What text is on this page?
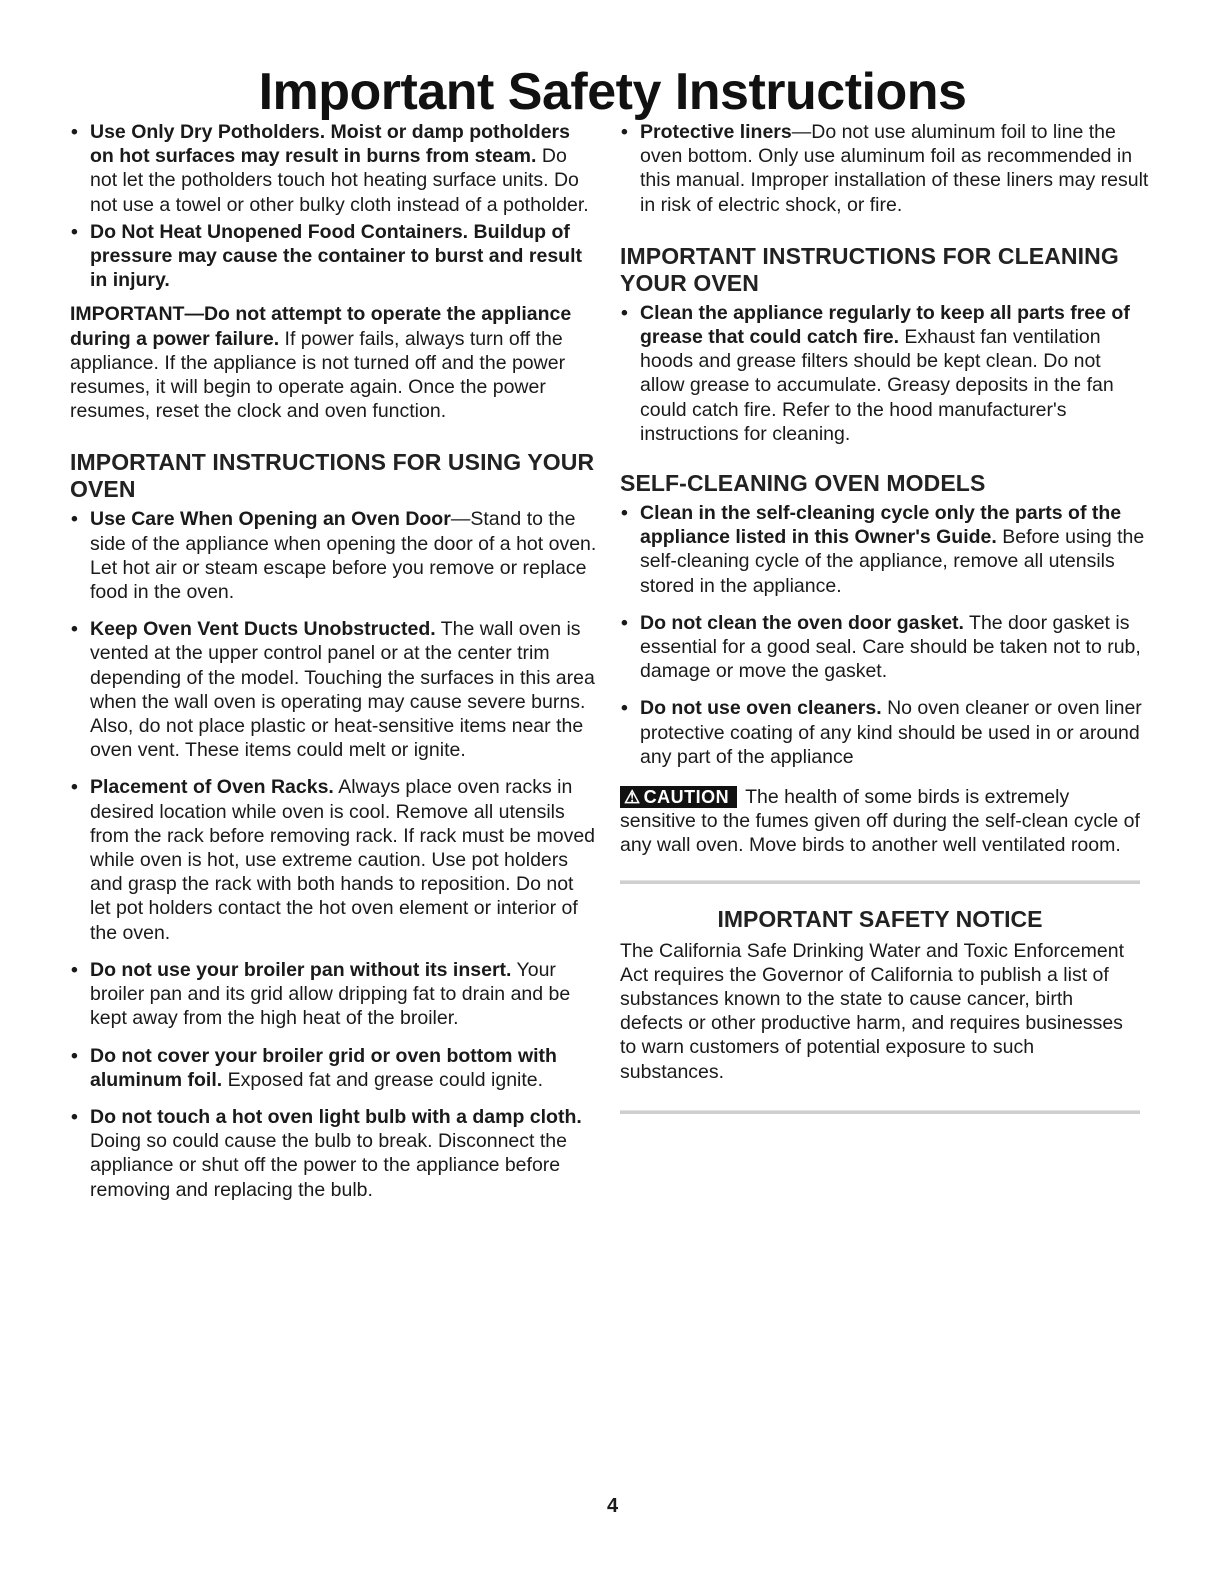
Important Safety Instructions
• Use Only Dry Potholders. Moist or damp potholders on hot surfaces may result in burns from steam. Do not let the potholders touch hot heating surface units. Do not use a towel or other bulky cloth instead of a potholder.
• Do Not Heat Unopened Food Containers. Buildup of pressure may cause the container to burst and result in injury.

IMPORTANT—Do not attempt to operate the appliance during a power failure. If power fails, always turn off the appliance. If the appliance is not turned off and the power resumes, it will begin to operate again. Once the power resumes, reset the clock and oven function.

IMPORTANT INSTRUCTIONS FOR USING YOUR OVEN
• Use Care When Opening an Oven Door—Stand to the side of the appliance when opening the door of a hot oven. Let hot air or steam escape before you remove or replace food in the oven.
• Keep Oven Vent Ducts Unobstructed. The wall oven is vented at the upper control panel or at the center trim depending of the model. Touching the surfaces in this area when the wall oven is operating may cause severe burns. Also, do not place plastic or heat-sensitive items near the oven vent. These items could melt or ignite.
• Placement of Oven Racks. Always place oven racks in desired location while oven is cool. Remove all utensils from the rack before removing rack. If rack must be moved while oven is hot, use extreme caution. Use pot holders and grasp the rack with both hands to reposition. Do not let pot holders contact the hot oven element or interior of the oven.
• Do not use your broiler pan without its insert. Your broiler pan and its grid allow dripping fat to drain and be kept away from the high heat of the broiler.
• Do not cover your broiler grid or oven bottom with aluminum foil. Exposed fat and grease could ignite.
• Do not touch a hot oven light bulb with a damp cloth. Doing so could cause the bulb to break. Disconnect the appliance or shut off the power to the appliance before removing and replacing the bulb.
• Protective liners—Do not use aluminum foil to line the oven bottom. Only use aluminum foil as recommended in this manual. Improper installation of these liners may result in risk of electric shock, or fire.
IMPORTANT INSTRUCTIONS FOR CLEANING YOUR OVEN
• Clean the appliance regularly to keep all parts free of grease that could catch fire. Exhaust fan ventilation hoods and grease filters should be kept clean. Do not allow grease to accumulate. Greasy deposits in the fan could catch fire. Refer to the hood manufacturer's instructions for cleaning.
SELF-CLEANING OVEN MODELS
• Clean in the self-cleaning cycle only the parts of the appliance listed in this Owner's Guide. Before using the self-cleaning cycle of the appliance, remove all utensils stored in the appliance.
• Do not clean the oven door gasket. The door gasket is essential for a good seal. Care should be taken not to rub, damage or move the gasket.
• Do not use oven cleaners. No oven cleaner or oven liner protective coating of any kind should be used in or around any part of the appliance
⚠ CAUTION The health of some birds is extremely sensitive to the fumes given off during the self-clean cycle of any wall oven. Move birds to another well ventilated room.
IMPORTANT SAFETY NOTICE
The California Safe Drinking Water and Toxic Enforcement Act requires the Governor of California to publish a list of substances known to the state to cause cancer, birth defects or other productive harm, and requires businesses to warn customers of potential exposure to such substances.
4
